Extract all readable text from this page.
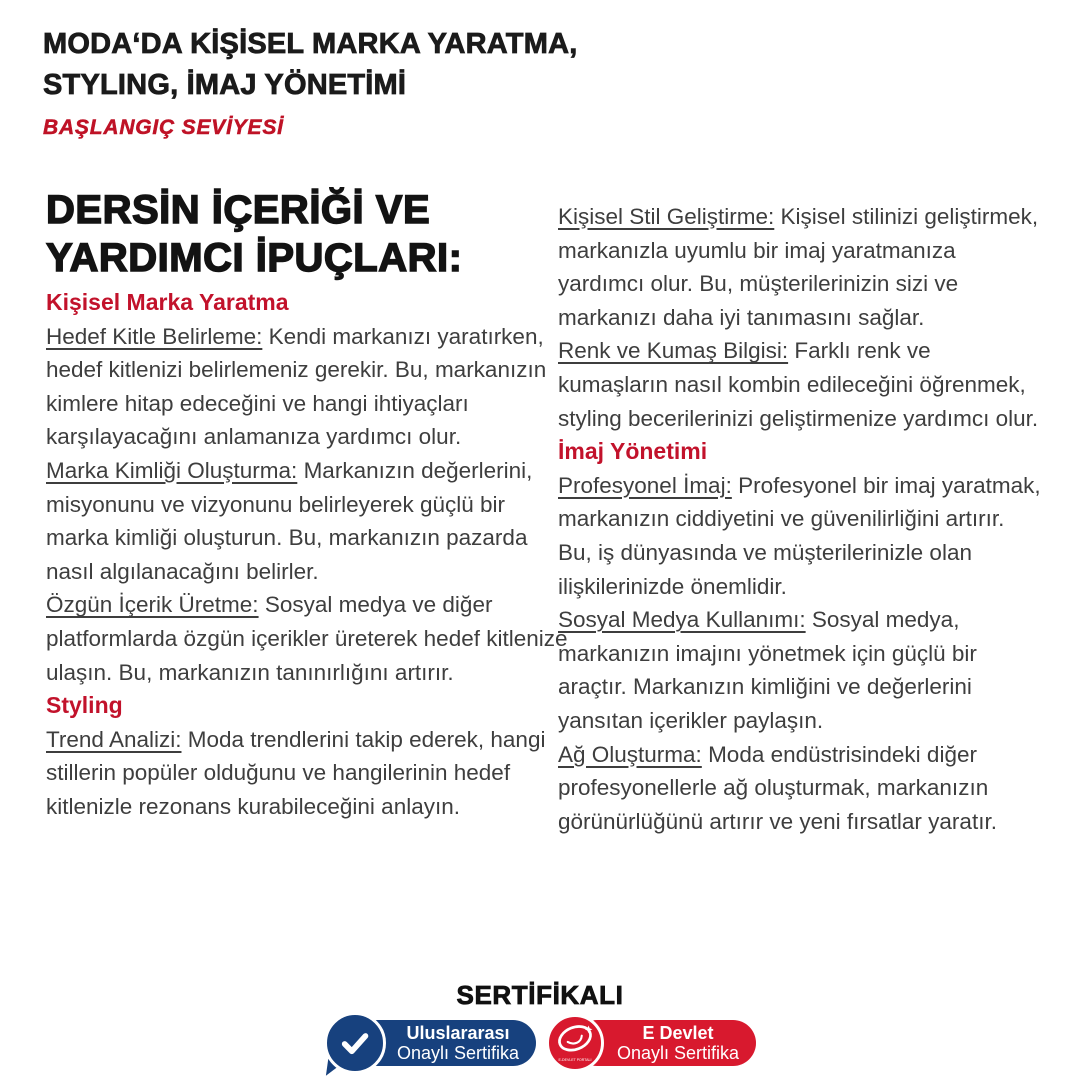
MODA‘DA KİŞİSEL MARKA YARATMA,
STYLING, İMAJ YÖNETİMİ
BAŞLANGIÇ SEVİYESİ
DERSİN İÇERİĞİ VE
YARDIMCI İPUÇLARI:
Kişisel Marka Yaratma

Hedef Kitle Belirleme: Kendi markanızı yaratırken, hedef kitlenizi belirlemeniz gerekir. Bu, markanızın kimlere hitap edeceğini ve hangi ihtiyaçları karşılayacağını anlamanıza yardımcı olur.

Marka Kimliği Oluşturma: Markanızın değerlerini, misyonunu ve vizyonunu belirleyerek güçlü bir marka kimliği oluşturun. Bu, markanızın pazarda nasıl algılanacağını belirler.

Özgün İçerik Üretme: Sosyal medya ve diğer platformlarda özgün içerikler üreterek hedef kitlenize ulaşın. Bu, markanızın tanınırlığını artırır.

Styling

Trend Analizi: Moda trendlerini takip ederek, hangi stillerin popüler olduğunu ve hangilerinin hedef kitlenizle rezonans kurabileceğini anlayın.

Kişisel Stil Geliştirme: Kişisel stilinizi geliştirmek, markanızla uyumlu bir imaj yaratmanıza yardımcı olur. Bu, müşterilerinizin sizi ve markanızı daha iyi tanımasını sağlar.

Renk ve Kumaş Bilgisi: Farklı renk ve kumaşların nasıl kombin edileceğini öğrenmek, styling becerilerinizi geliştirmenize yardımcı olur.

İmaj Yönetimi

Profesyonel İmaj: Profesyonel bir imaj yaratmak, markanızın ciddiyetini ve güvenilirliğini artırır. Bu, iş dünyasında ve müşterilerinizle olan ilişkilerinizde önemlidir.

Sosyal Medya Kullanımı: Sosyal medya, markanızın imajını yönetmek için güçlü bir araçtır. Markanızın kimliğini ve değerlerini yansıtan içerikler paylaşın.

Ağ Oluşturma: Moda endüstrisindeki diğer profesyonellerle ağ oluşturmak, markanızın görünürlüğünü artırır ve yeni fırsatlar yaratır.

SERTİFİKALI
Uluslararası
Onaylı Sertifika	E-DEVLET PORTALI
E Devlet
Onaylı Sertifika
